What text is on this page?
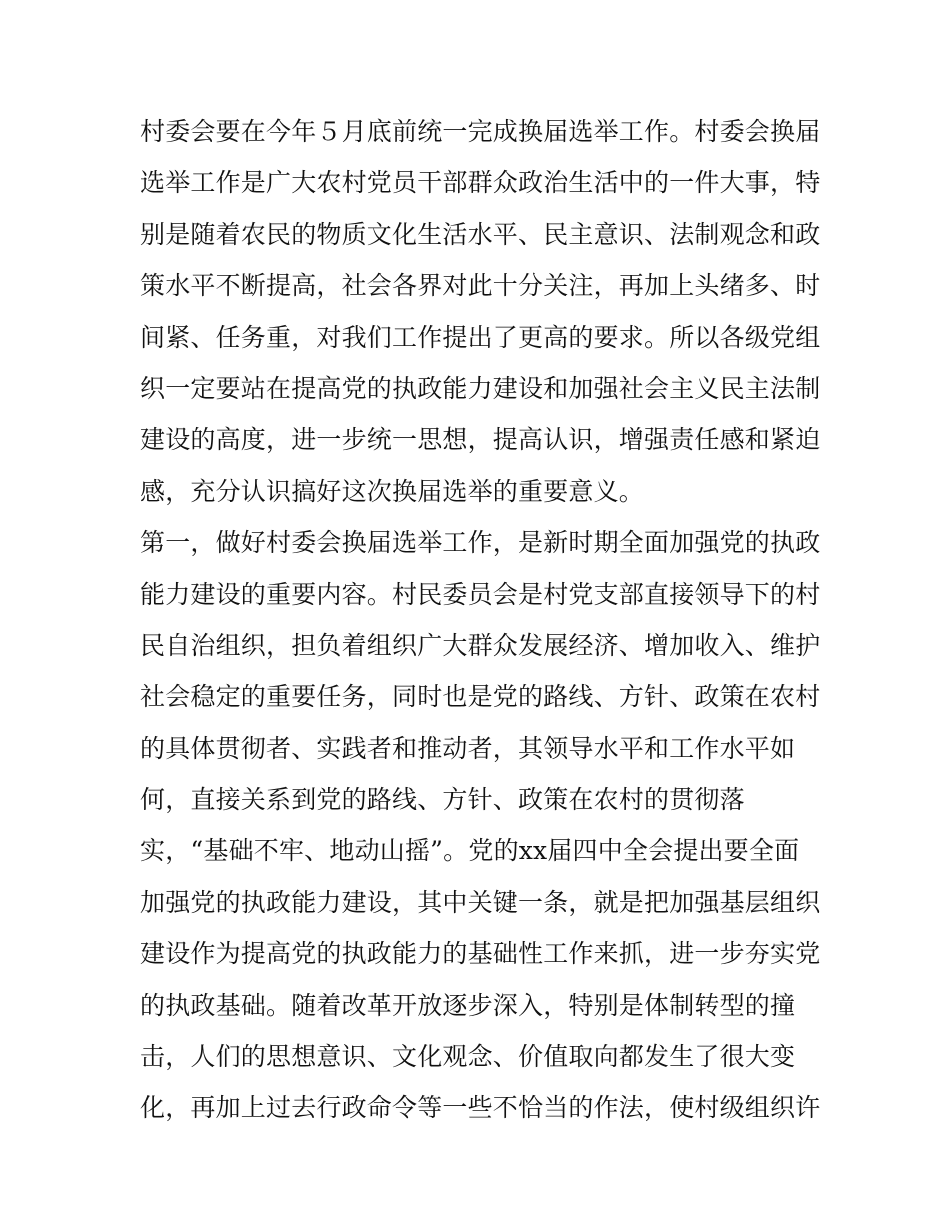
村委会要在今年５月底前统一完成换届选举工作。村委会换届
选举工作是广大农村党员干部群众政治生活中的一件大事，特
别是随着农民的物质文化生活水平、民主意识、法制观念和政
策水平不断提高，社会各界对此十分关注，再加上头绪多、时
间紧、任务重，对我们工作提出了更高的要求。所以各级党组
织一定要站在提高党的执政能力建设和加强社会主义民主法制
建设的高度，进一步统一思想，提高认识，增强责任感和紧迫
感，充分认识搞好这次换届选举的重要意义。
第一，做好村委会换届选举工作，是新时期全面加强党的执政
能力建设的重要内容。村民委员会是村党支部直接领导下的村
民自治组织，担负着组织广大群众发展经济、增加收入、维护
社会稳定的重要任务，同时也是党的路线、方针、政策在农村
的具体贯彻者、实践者和推动者，其领导水平和工作水平如
何，直接关系到党的路线、方针、政策在农村的贯彻落
实，“基础不牢、地动山摇”。党的xx届四中全会提出要全面
加强党的执政能力建设，其中关键一条，就是把加强基层组织
建设作为提高党的执政能力的基础性工作来抓，进一步夯实党
的执政基础。随着改革开放逐步深入，特别是体制转型的撞
击，人们的思想意识、文化观念、价值取向都发生了很大变
化，再加上过去行政命令等一些不恰当的作法，使村级组织许
